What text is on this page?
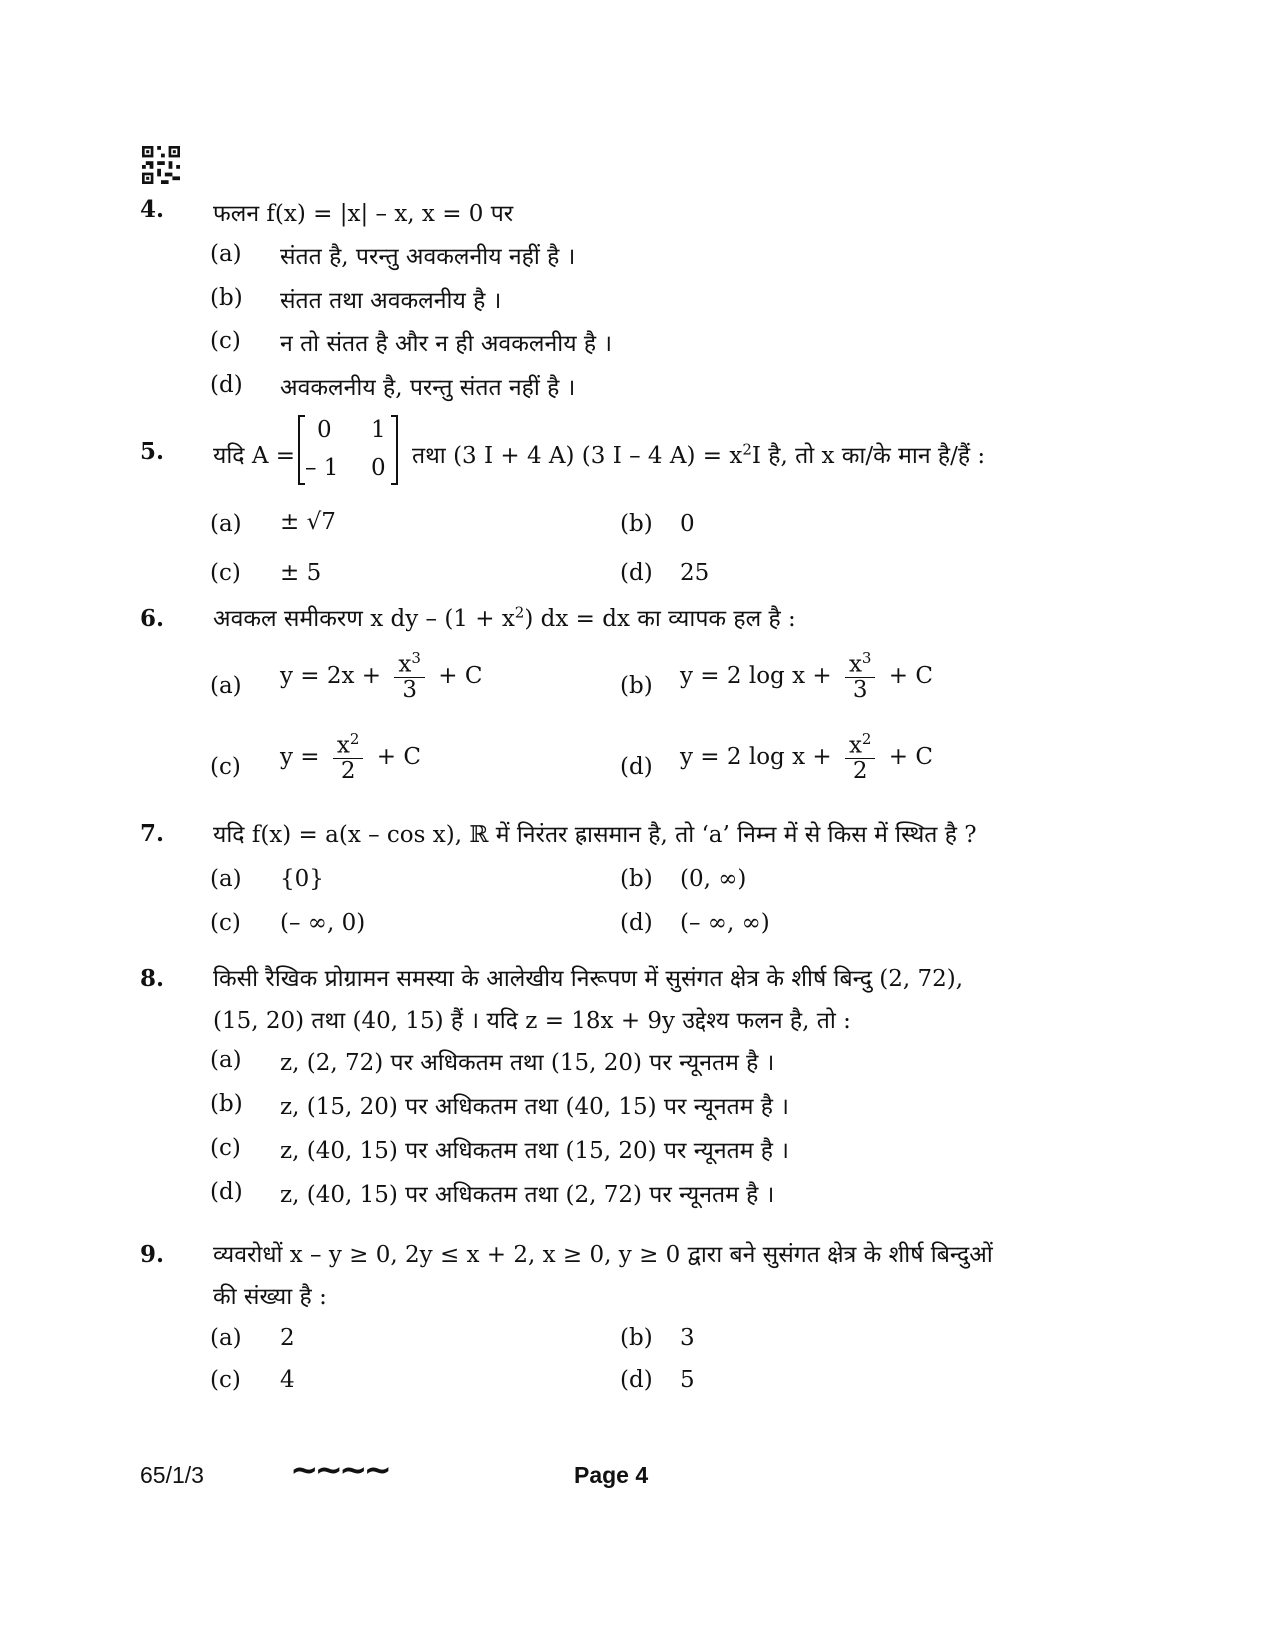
4. फलन f(x) = |x| – x, x = 0 पर
(a) संतत है, परन्तु अवकलनीय नहीं है ।
(b) संतत तथा अवकलनीय है ।
(c) न तो संतत है और न ही अवकलनीय है ।
(d) अवकलनीय है, परन्तु संतत नहीं है ।
5. यदि A =
0 1
– 1 0 तथा (3 I + 4 A) (3 I – 4 $A) = x^2I$ है, तो x का/के मान है/हैं :
(a) ± √7	(b) 0
(c) ± 5	(d) 25
6. अवकल समीकरण x dy – $(1 + x^2)$ dx = dx का व्यापक हल है :
(a) $y = 2x + \frac{x^3}{3} + C$	(b) y = 2 $\log x + \frac{x^3}{3} + C$
(c) $y = \frac{x^2}{2} + C$	(d) y = 2 $\log x + \frac{x^2}{2} + C$
7. यदि f(x) = a(x – cos x), ℝ में निरंतर ह्रासमान है, तो ‘a’ निम्न में से किस में स्थित है ?
(a) {0}	(b) (0, ∞)
(c) (– ∞, 0)	(d) (– ∞, ∞)
8. किसी रैखिक प्रोग्रामन समस्या के आलेखीय निरूपण में सुसंगत क्षेत्र के शीर्ष बिन्दु (2, 72),
(15, 20) तथा (40, 15) हैं । यदि z = 18x + 9y उद्देश्य फलन है, तो :
(a) z, (2, 72) पर अधिकतम तथा (15, 20) पर न्यूनतम है ।
(b) z, (15, 20) पर अधिकतम तथा (40, 15) पर न्यूनतम है ।
(c) z, (40, 15) पर अधिकतम तथा (15, 20) पर न्यूनतम है ।
(d) z, (40, 15) पर अधिकतम तथा (2, 72) पर न्यूनतम है ।
9. व्यवरोधों x – y ≥ 0, 2y ≤ x + 2, x ≥ 0, y ≥ 0 द्वारा बने सुसंगत क्षेत्र के शीर्ष बिन्दुओं
की संख्या है :
(a) 2	(b) 3
(c) 4	(d) 5
65/1/3	~~~~	Page 4
